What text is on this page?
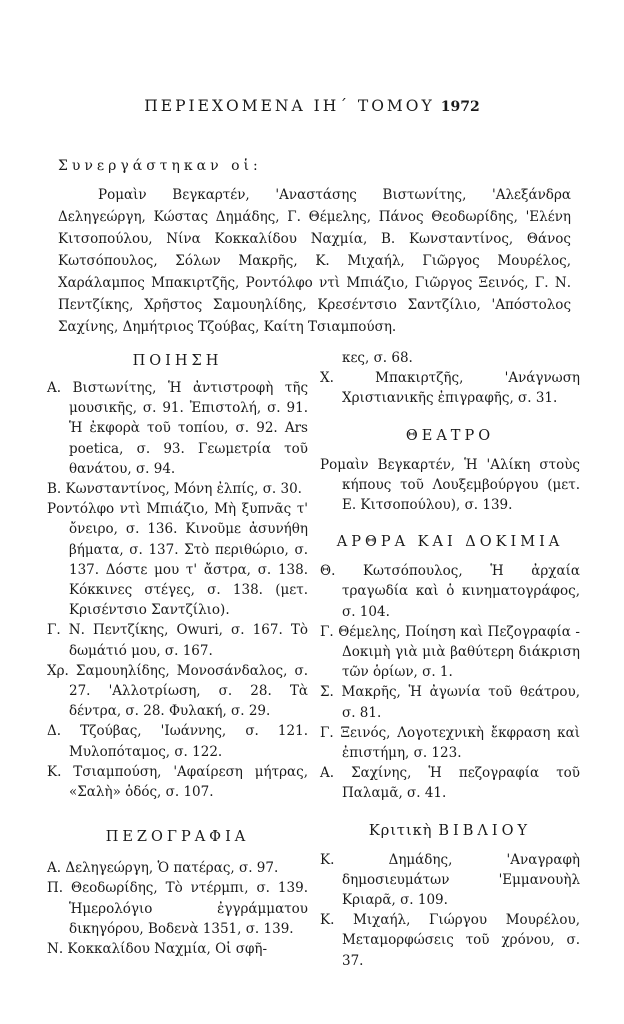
ΠΕΡΙΕΧΟΜΕΝΑ ΙΗ΄ ΤΟΜΟΥ 1972
Συνεργάστηκαν οἱ:
Ρομαὶν Βεγκαρτέν, 'Αναστάσης Βιστωνίτης, 'Αλεξάνδρα Δεληγεώργη, Κώστας Δημάδης, Γ. Θέμελης, Πάνος Θεοδωρίδης, 'Ελένη Κιτσοπούλου, Νίνα Κοκκαλίδου Ναχμία, Β. Κωνσταντίνος, Θάνος Κωτσόπουλος, Σόλων Μακρῆς, Κ. Μιχαήλ, Γιῶργος Μουρέλος, Χαράλαμπος Μπακιρτζῆς, Ροντόλφο ντὶ Μπιάζιο, Γιῶργος Ξεινός, Γ. Ν. Πεντζίκης, Χρῆστος Σαμουηλίδης, Κρεσέντσιο Σαντζίλιο, 'Απόστολος Σαχίνης, Δημήτριος Τζούβας, Καίτη Τσιαμπούση.
ΠΟΙΗΣΗ
Α. Βιστωνίτης, Ἡ ἀντιστροφὴ τῆς μουσικῆς, σ. 91. Ἐπιστολή, σ. 91. Ἡ ἐκφορὰ τοῦ τοπίου, σ. 92. Ars poetica, σ. 93. Γεωμετρία τοῦ θανάτου, σ. 94.
Β. Κωνσταντίνος, Μόνη ἐλπίς, σ. 30.
Ροντόλφο ντὶ Μπιάζιο, Μὴ ξυπνᾶς τ' ὄνειρο, σ. 136. Κινοῦμε ἀσυνήθη βήματα, σ. 137. Στὸ περιθώριο, σ. 137. Δόστε μου τ' ἄστρα, σ. 138. Κόκκινες στέγες, σ. 138. (μετ. Κρισέντσιο Σαντζίλιο).
Γ. Ν. Πεντζίκης, Owuri, σ. 167. Τὸ δωμάτιό μου, σ. 167.
Χρ. Σαμουηλίδης, Μονοσάνδαλος, σ. 27. 'Αλλοτρίωση, σ. 28. Τὰ δέντρα, σ. 28. Φυλακή, σ. 29.
Δ. Τζούβας, 'Ιωάννης, σ. 121. Μυλοπόταμος, σ. 122.
Κ. Τσιαμπούση, 'Αφαίρεση μήτρας, «Σαλὴ» ὁδός, σ. 107.
ΠΕΖΟΓΡΑΦΙΑ
Α. Δεληγεώργη, Ὁ πατέρας, σ. 97.
Π. Θεοδωρίδης, Τὸ ντέρμπι, σ. 139. Ἡμερολόγιο ἐγγράμματου δικηγόρου, Βοδενὰ 1351, σ. 139.
Ν. Κοκκαλίδου Ναχμία, Οἱ σφῆ-
κες, σ. 68.
Χ. Μπακιρτζῆς, 'Ανάγνωση Χριστιανικῆς ἐπιγραφῆς, σ. 31.
ΘΕΑΤΡΟ
Ρομαὶν Βεγκαρτέν, Ἡ 'Αλίκη στοὺς κήπους τοῦ Λουξεμβούργου (μετ. Ε. Κιτσοπούλου), σ. 139.
ΑΡΘΡΑ ΚΑΙ ΔΟΚΙΜΙΑ
Θ. Κωτσόπουλος, Ἡ ἀρχαία τραγωδία καὶ ὁ κινηματογράφος, σ. 104.
Γ. Θέμελης, Ποίηση καὶ Πεζογραφία - Δοκιμὴ γιὰ μιὰ βαθύτερη διάκριση τῶν ὁρίων, σ. 1.
Σ. Μακρῆς, Ἡ ἀγωνία τοῦ θεάτρου, σ. 81.
Γ. Ξεινός, Λογοτεχνικὴ ἔκφραση καὶ ἐπιστήμη, σ. 123.
Α. Σαχίνης, Ἡ πεζογραφία τοῦ Παλαμᾶ, σ. 41.
Κριτικὴ ΒΙΒΛΙΟΥ
Κ. Δημάδης, 'Αναγραφὴ δημοσιευμάτων 'Εμμανουὴλ Κριαρᾶ, σ. 109.
Κ. Μιχαήλ, Γιώργου Μουρέλου, Μεταμορφώσεις τοῦ χρόνου, σ. 37.
